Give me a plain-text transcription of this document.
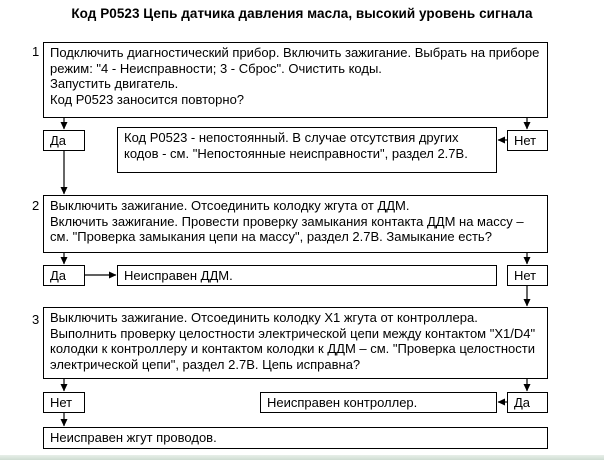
Код P0523 Цепь датчика давления масла, высокий уровень сигнала
1 Подключить диагностический прибор. Включить зажигание. Выбрать на приборе режим: "4 - Неисправности; 3 - Сброс". Очистить коды.
Запустить двигатель.
Код P0523 заносится повторно?
Да	Код P0523 - непостоянный. В случае отсутствия других кодов - см. "Непостоянные неисправности", раздел 2.7В.
Нет
2 Выключить зажигание. Отсоединить колодку жгута от ДДМ.
Включить зажигание. Провести проверку замыкания контакта ДДМ на массу – см. "Проверка замыкания цепи на массу", раздел 2.7В. Замыкание есть?
Да	Неисправен ДДМ.	Нет
3 Выключить зажигание. Отсоединить колодку X1 жгута от контроллера. Выполнить проверку целостности электрической цепи между контактом "X1/D4" колодки к контроллеру и контактом колодки к ДДМ – см. "Проверка целостности электрической цепи", раздел 2.7В. Цепь исправна?
Нет	Неисправен контроллер.	Да
Неисправен жгут проводов.
